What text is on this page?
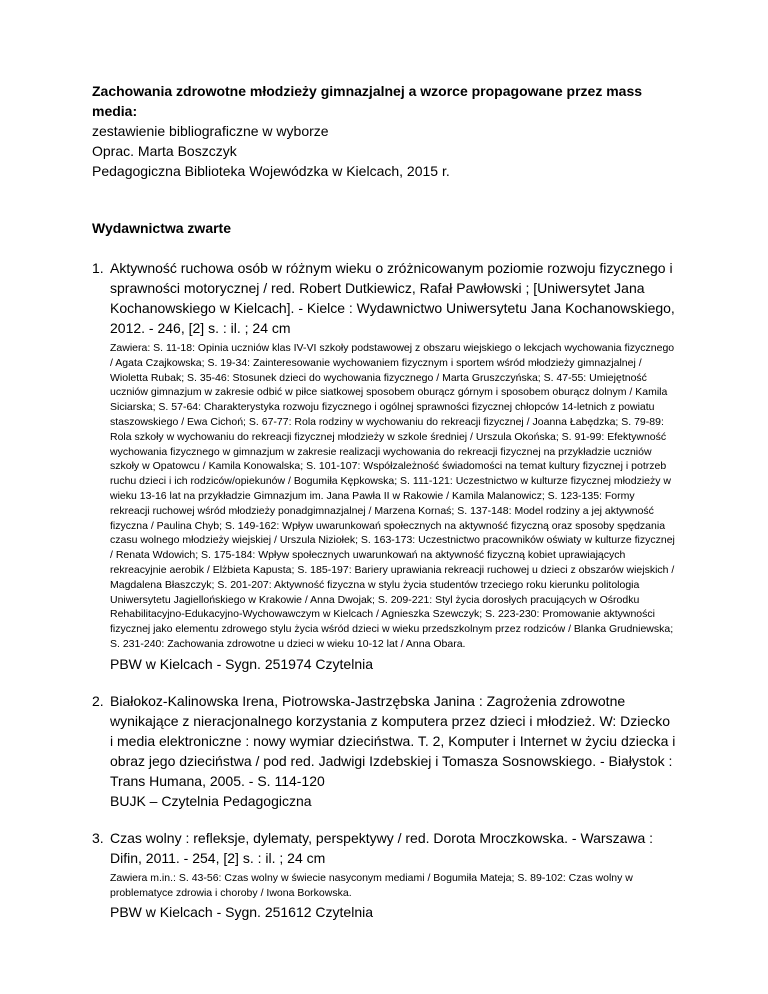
Zachowania zdrowotne młodzieży gimnazjalnej a wzorce propagowane przez mass media:

zestawienie bibliograficzne w wyborze

Oprac. Marta Boszczyk

Pedagogiczna Biblioteka Wojewódzka w Kielcach, 2015 r.

Wydawnictwa zwarte

1. Aktywność ruchowa osób w różnym wieku o zróżnicowanym poziomie rozwoju fizycznego i sprawności motorycznej / red. Robert Dutkiewicz, Rafał Pawłowski ; [Uniwersytet Jana Kochanowskiego w Kielcach]. - Kielce : Wydawnictwo Uniwersytetu Jana Kochanowskiego, 2012. - 246, [2] s. : il. ; 24 cm

Zawiera: S. 11-18: Opinia uczniów klas IV-VI szkoły podstawowej z obszaru wiejskiego o lekcjach wychowania fizycznego / Agata Czajkowska; S. 19-34: Zainteresowanie wychowaniem fizycznym i sportem wśród młodzieży gimnazjalnej / Wioletta Rubak; S. 35-46: Stosunek dzieci do wychowania fizycznego / Marta Gruszczyńska; S. 47-55: Umiejętność uczniów gimnazjum w zakresie odbić w piłce siatkowej sposobem oburącz górnym i sposobem oburącz dolnym / Kamila Siciarska; S. 57-64: Charakterystyka rozwoju fizycznego i ogólnej sprawności fizycznej chłopców 14-letnich z powiatu staszowskiego / Ewa Cichoń; S. 67-77: Rola rodziny w wychowaniu do rekreacji fizycznej / Joanna Łabędzka; S. 79-89: Rola szkoły w wychowaniu do rekreacji fizycznej młodzieży w szkole średniej / Urszula Okońska; S. 91-99: Efektywność wychowania fizycznego w gimnazjum w zakresie realizacji wychowania do rekreacji fizycznej na przykładzie uczniów szkoły w Opatowcu / Kamila Konowalska; S. 101-107: Współzależność świadomości na temat kultury fizycznej i potrzeb ruchu dzieci i ich rodziców/opiekunów / Bogumiła Kępkowska; S. 111-121: Uczestnictwo w kulturze fizycznej młodzieży w wieku 13-16 lat na przykładzie Gimnazjum im. Jana Pawła II w Rakowie / Kamila Malanowicz; S. 123-135: Formy rekreacji ruchowej wśród młodzieży ponadgimnazjalnej / Marzena Kornaś; S. 137-148: Model rodziny a jej aktywność fizyczna / Paulina Chyb; S. 149-162: Wpływ uwarunkowań społecznych na aktywność fizyczną oraz sposoby spędzania czasu wolnego młodzieży wiejskiej / Urszula Niziołek; S. 163-173: Uczestnictwo pracowników oświaty w kulturze fizycznej / Renata Wdowich; S. 175-184: Wpływ społecznych uwarunkowań na aktywność fizyczną kobiet uprawiających rekreacyjnie aerobik / Elżbieta Kapusta; S. 185-197: Bariery uprawiania rekreacji ruchowej u dzieci z obszarów wiejskich / Magdalena Błaszczyk; S. 201-207: Aktywność fizyczna w stylu życia studentów trzeciego roku kierunku politologia Uniwersytetu Jagiellońskiego w Krakowie / Anna Dwojak; S. 209-221: Styl życia dorosłych pracujących w Ośrodku Rehabilitacyjno-Edukacyjno-Wychowawczym w Kielcach / Agnieszka Szewczyk; S. 223-230: Promowanie aktywności fizycznej jako elementu zdrowego stylu życia wśród dzieci w wieku przedszkolnym przez rodziców / Blanka Grudniewska; S. 231-240: Zachowania zdrowotne u dzieci w wieku 10-12 lat / Anna Obara.

PBW w Kielcach - Sygn. 251974 Czytelnia

2. Białokoz-Kalinowska Irena, Piotrowska-Jastrzębska Janina : Zagrożenia zdrowotne wynikające z nieracjonalnego korzystania z komputera przez dzieci i młodzież. W: Dziecko i media elektroniczne : nowy wymiar dzieciństwa. T. 2, Komputer i Internet w życiu dziecka i obraz jego dzieciństwa / pod red. Jadwigi Izdebskiej i Tomasza Sosnowskiego. - Białystok : Trans Humana, 2005. - S. 114-120

BUJK – Czytelnia Pedagogiczna

3. Czas wolny : refleksje, dylematy, perspektywy / red. Dorota Mroczkowska. - Warszawa : Difin, 2011. - 254, [2] s. : il. ; 24 cm

Zawiera m.in.: S. 43-56: Czas wolny w świecie nasyconym mediami / Bogumiła Mateja; S. 89-102: Czas wolny w problematyce zdrowia i choroby / Iwona Borkowska.

PBW w Kielcach - Sygn. 251612 Czytelnia
